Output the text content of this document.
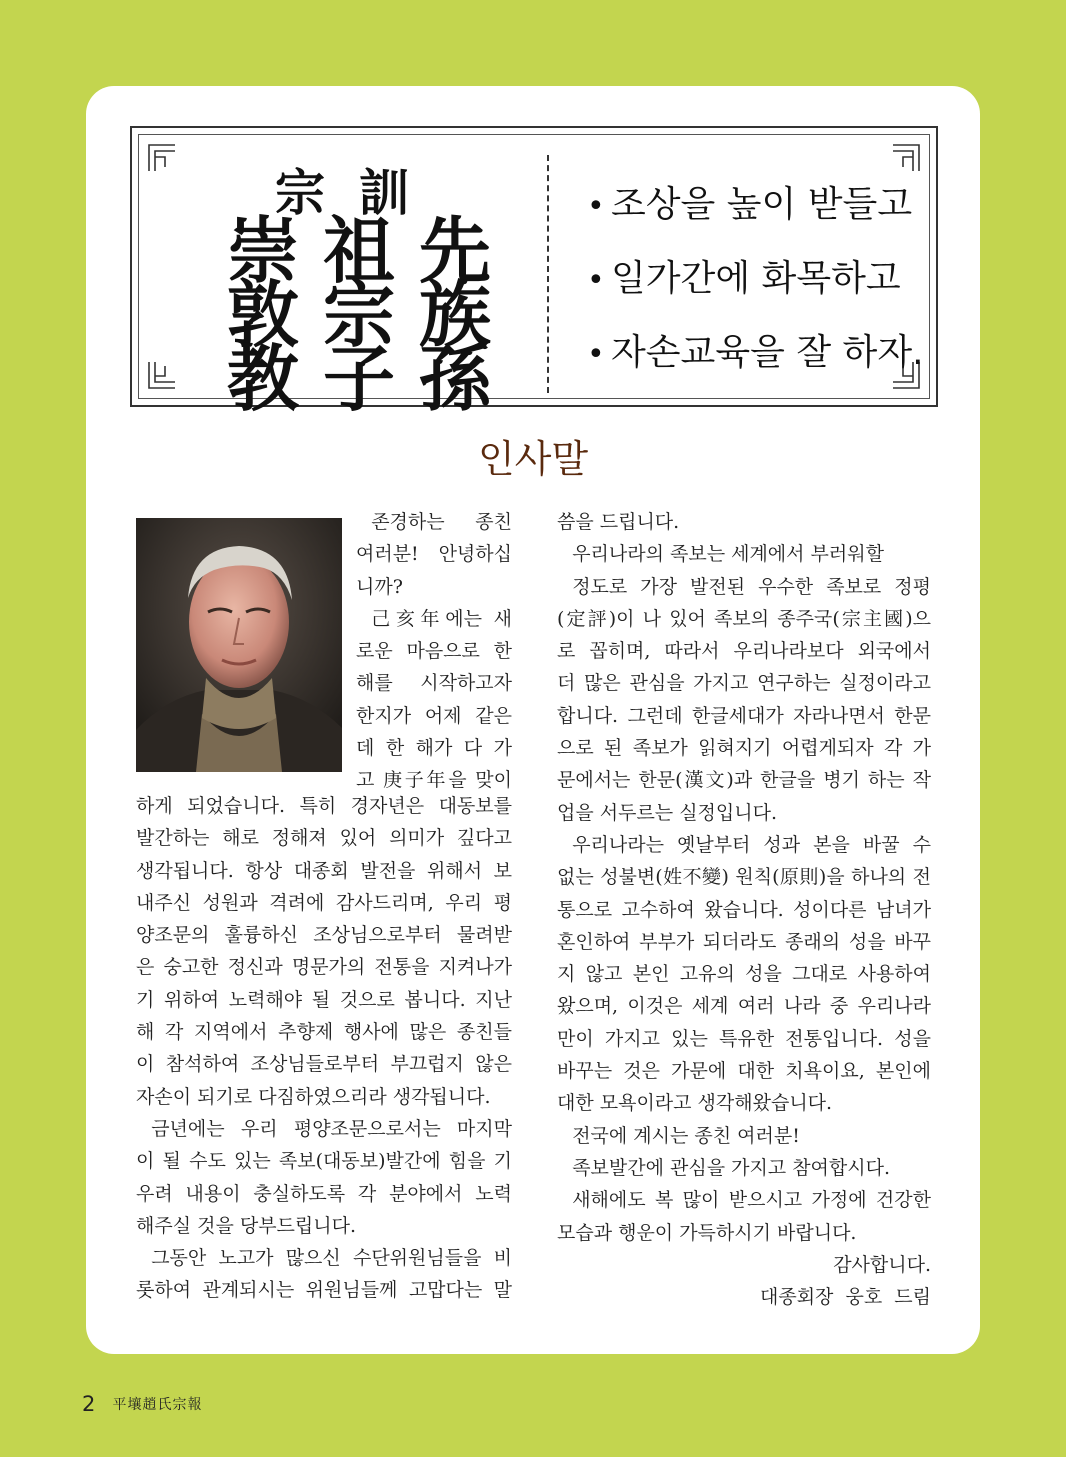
宗訓
崇祖先
敦宗族
教子孫
• 조상을 높이 받들고
• 일가간에 화목하고
• 자손교육을 잘 하자.
인사말

존경하는 종친

여러분! 안녕하십

니까?

己亥年에는 새

로운 마음으로 한

해를 시작하고자

한지가 어제 같은

데 한 해가 다 가

고 庚子年을 맞이

하게 되었습니다. 특히 경자년은 대동보를

발간하는 해로 정해져 있어 의미가 깊다고

생각됩니다. 항상 대종회 발전을 위해서 보

내주신 성원과 격려에 감사드리며, 우리 평

양조문의 훌륭하신 조상님으로부터 물려받

은 숭고한 정신과 명문가의 전통을 지켜나가

기 위하여 노력해야 될 것으로 봅니다. 지난

해 각 지역에서 추향제 행사에 많은 종친들

이 참석하여 조상님들로부터 부끄럽지 않은

자손이 되기로 다짐하였으리라 생각됩니다.

금년에는 우리 평양조문으로서는 마지막

이 될 수도 있는 족보(대동보)발간에 힘을 기

우려 내용이 충실하도록 각 분야에서 노력

해주실 것을 당부드립니다.

그동안 노고가 많으신 수단위원님들을 비

롯하여 관계되시는 위원님들께 고맙다는 말

씀을 드립니다.

우리나라의 족보는 세계에서 부러워할

정도로 가장 발전된 우수한 족보로 정평

(定評)이 나 있어 족보의 종주국(宗主國)으

로 꼽히며, 따라서 우리나라보다 외국에서

더 많은 관심을 가지고 연구하는 실정이라고

합니다. 그런데 한글세대가 자라나면서 한문

으로 된 족보가 읽혀지기 어렵게되자 각 가

문에서는 한문(漢文)과 한글을 병기 하는 작

업을 서두르는 실정입니다.

우리나라는 옛날부터 성과 본을 바꿀 수

없는 성불변(姓不變) 원칙(原則)을 하나의 전

통으로 고수하여 왔습니다. 성이다른 남녀가

혼인하여 부부가 되더라도 종래의 성을 바꾸

지 않고 본인 고유의 성을 그대로 사용하여

왔으며, 이것은 세계 여러 나라 중 우리나라

만이 가지고 있는 특유한 전통입니다. 성을

바꾸는 것은 가문에 대한 치욕이요, 본인에

대한 모욕이라고 생각해왔습니다.

전국에 계시는 종친 여러분!

족보발간에 관심을 가지고 참여합시다.

새해에도 복 많이 받으시고 가정에 건강한

모습과 행운이 가득하시기 바랍니다.

감사합니다.

대종회장  웅호  드림

2 平壤趙氏宗報
